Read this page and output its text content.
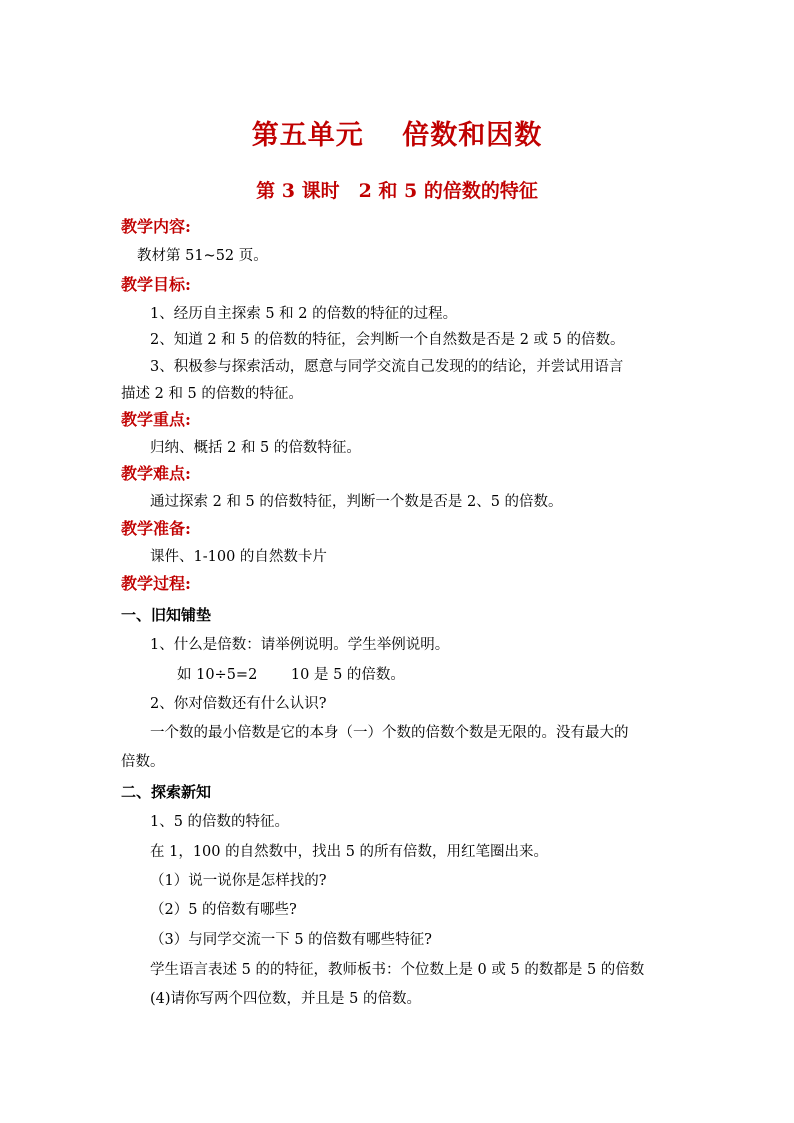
第五单元　 倍数和因数
第 3 课时　2 和 5 的倍数的特征
教学内容:
教材第 51~52 页。
教学目标:
1、经历自主探索 5 和 2 的倍数的特征的过程。
2、知道 2 和 5 的倍数的特征，会判断一个自然数是否是 2 或 5 的倍数。
3、积极参与探索活动，愿意与同学交流自己发现的的结论，并尝试用语言
描述 2 和 5 的倍数的特征。
教学重点:
归纳、概括 2 和 5 的倍数特征。
教学难点:
通过探索 2 和 5 的倍数特征，判断一个数是否是 2、5 的倍数。
教学准备:
课件、1-100 的自然数卡片
教学过程:
一、旧知铺垫
1、什么是倍数：请举例说明。学生举例说明。
如 10÷5=2　　 10 是 5 的倍数。
2、你对倍数还有什么认识?
一个数的最小倍数是它的本身（一）个数的倍数个数是无限的。没有最大的
倍数。
二、探索新知
1、5 的倍数的特征。
在 1，100 的自然数中，找出 5 的所有倍数，用红笔圈出来。
（1）说一说你是怎样找的?
（2）5 的倍数有哪些?
（3）与同学交流一下 5 的倍数有哪些特征?
学生语言表述 5 的的特征，教师板书：个位数上是 0 或 5 的数都是 5 的倍数
(4)请你写两个四位数，并且是 5 的倍数。
